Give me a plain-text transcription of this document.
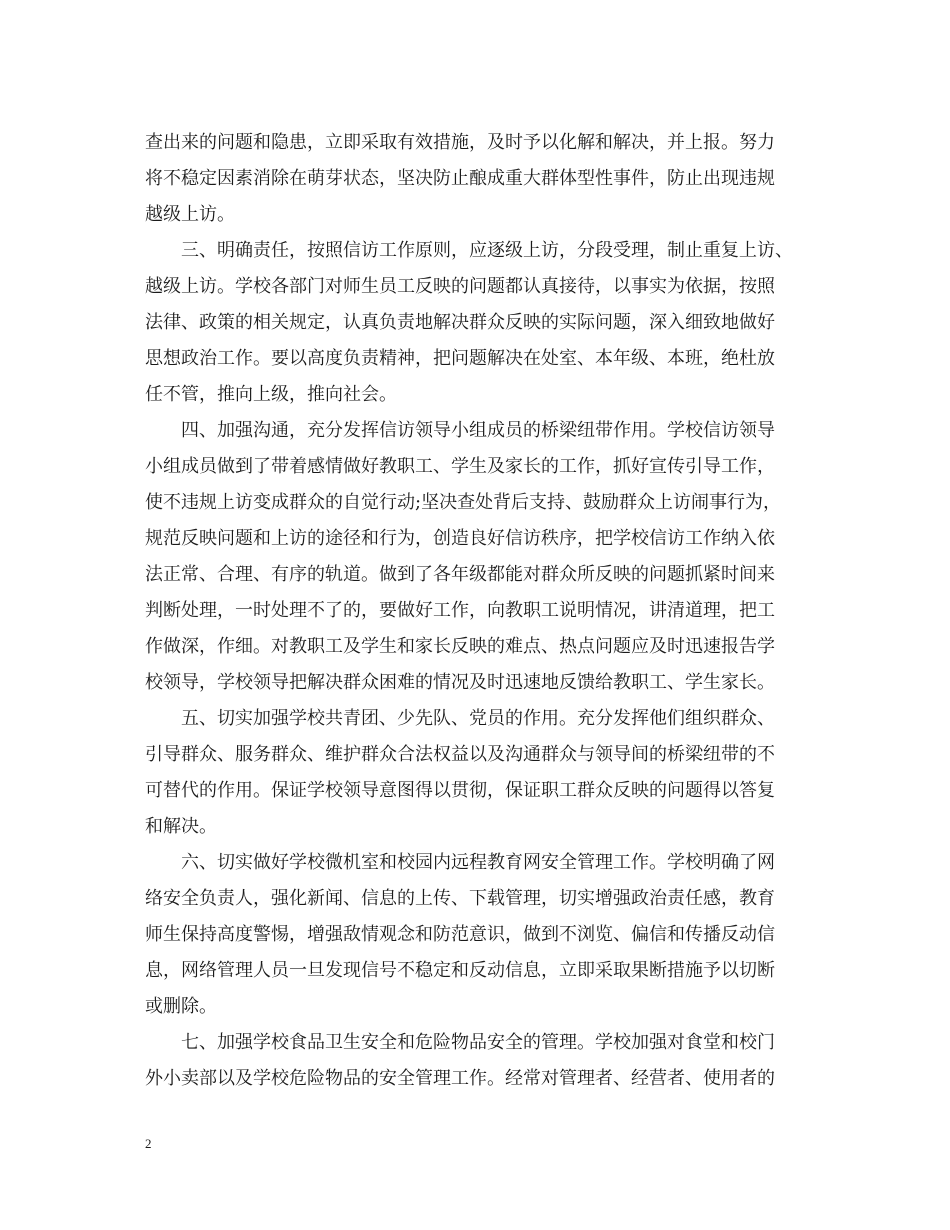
查出来的问题和隐患，立即采取有效措施，及时予以化解和解决，并上报。努力
将不稳定因素消除在萌芽状态，坚决防止酿成重大群体型性事件，防止出现违规
越级上访。
三、明确责任，按照信访工作原则，应逐级上访，分段受理，制止重复上访、
越级上访。学校各部门对师生员工反映的问题都认真接待，以事实为依据，按照
法律、政策的相关规定，认真负责地解决群众反映的实际问题，深入细致地做好
思想政治工作。要以高度负责精神，把问题解决在处室、本年级、本班，绝杜放
任不管，推向上级，推向社会。
四、加强沟通，充分发挥信访领导小组成员的桥梁纽带作用。学校信访领导
小组成员做到了带着感情做好教职工、学生及家长的工作，抓好宣传引导工作，
使不违规上访变成群众的自觉行动;坚决查处背后支持、鼓励群众上访闹事行为，
规范反映问题和上访的途径和行为，创造良好信访秩序，把学校信访工作纳入依
法正常、合理、有序的轨道。做到了各年级都能对群众所反映的问题抓紧时间来
判断处理，一时处理不了的，要做好工作，向教职工说明情况，讲清道理，把工
作做深，作细。对教职工及学生和家长反映的难点、热点问题应及时迅速报告学
校领导，学校领导把解决群众困难的情况及时迅速地反馈给教职工、学生家长。
五、切实加强学校共青团、少先队、党员的作用。充分发挥他们组织群众、
引导群众、服务群众、维护群众合法权益以及沟通群众与领导间的桥梁纽带的不
可替代的作用。保证学校领导意图得以贯彻，保证职工群众反映的问题得以答复
和解决。
六、切实做好学校微机室和校园内远程教育网安全管理工作。学校明确了网
络安全负责人，强化新闻、信息的上传、下载管理，切实增强政治责任感，教育
师生保持高度警惕，增强敌情观念和防范意识，做到不浏览、偏信和传播反动信
息，网络管理人员一旦发现信号不稳定和反动信息，立即采取果断措施予以切断
或删除。
七、加强学校食品卫生安全和危险物品安全的管理。学校加强对食堂和校门
外小卖部以及学校危险物品的安全管理工作。经常对管理者、经营者、使用者的
2
